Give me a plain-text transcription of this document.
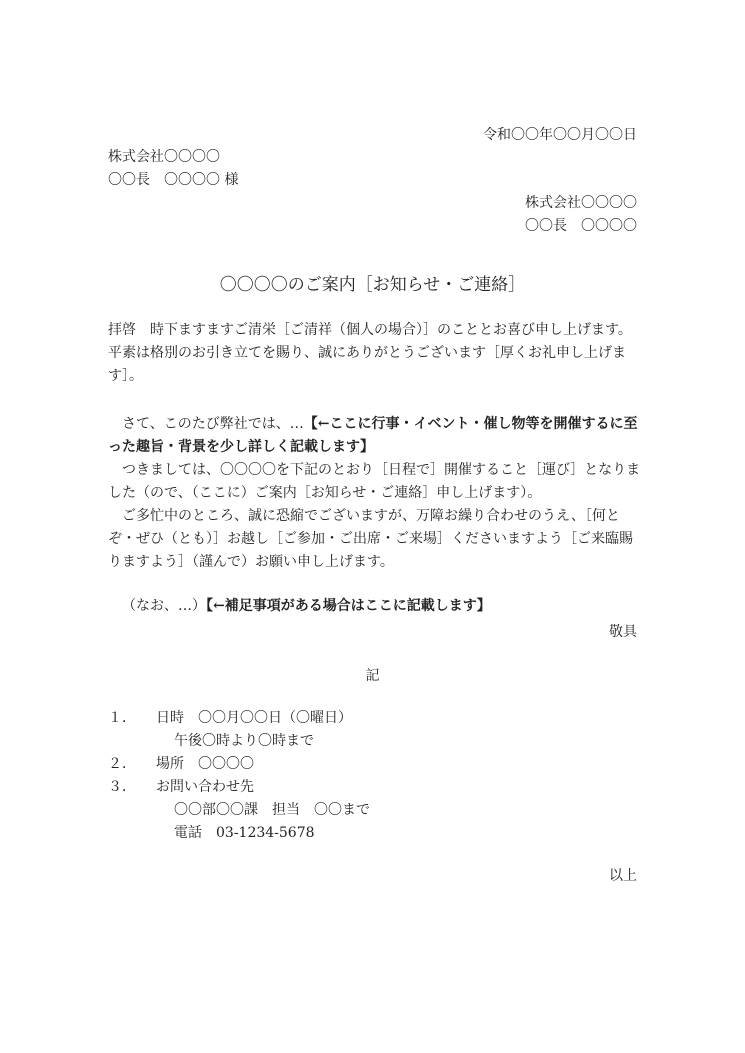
令和〇〇年〇〇月〇〇日
株式会社〇〇〇〇
〇〇長　〇〇〇〇 様
株式会社〇〇〇〇
〇〇長　〇〇〇〇
〇〇〇〇のご案内［お知らせ・ご連絡］
拝啓　時下ますますご清栄［ご清祥（個人の場合）］のこととお喜び申し上げます。
平素は格別のお引き立てを賜り、誠にありがとうございます［厚くお礼申し上げま
す］。
さて、このたび弊社では、…【←ここに行事・イベント・催し物等を開催するに至
った趣旨・背景を少し詳しく記載します】
つきましては、〇〇〇〇を下記のとおり［日程で］開催すること［運び］となりま
した（ので、（ここに）ご案内［お知らせ・ご連絡］申し上げます）。
ご多忙中のところ、誠に恐縮でございますが、万障お繰り合わせのうえ、［何と
ぞ・ぜひ（とも）］お越し［ご参加・ご出席・ご来場］くださいますよう［ご来臨賜
りますよう］（謹んで）お願い申し上げます。
（なお、…）【←補足事項がある場合はここに記載します】
敬具
記
１．	日時　〇〇月〇〇日（〇曜日）
午後〇時より〇時まで
２．	場所　〇〇〇〇
３．	お問い合わせ先
〇〇部〇〇課　担当　〇〇まで
電話　03-1234-5678
以上
